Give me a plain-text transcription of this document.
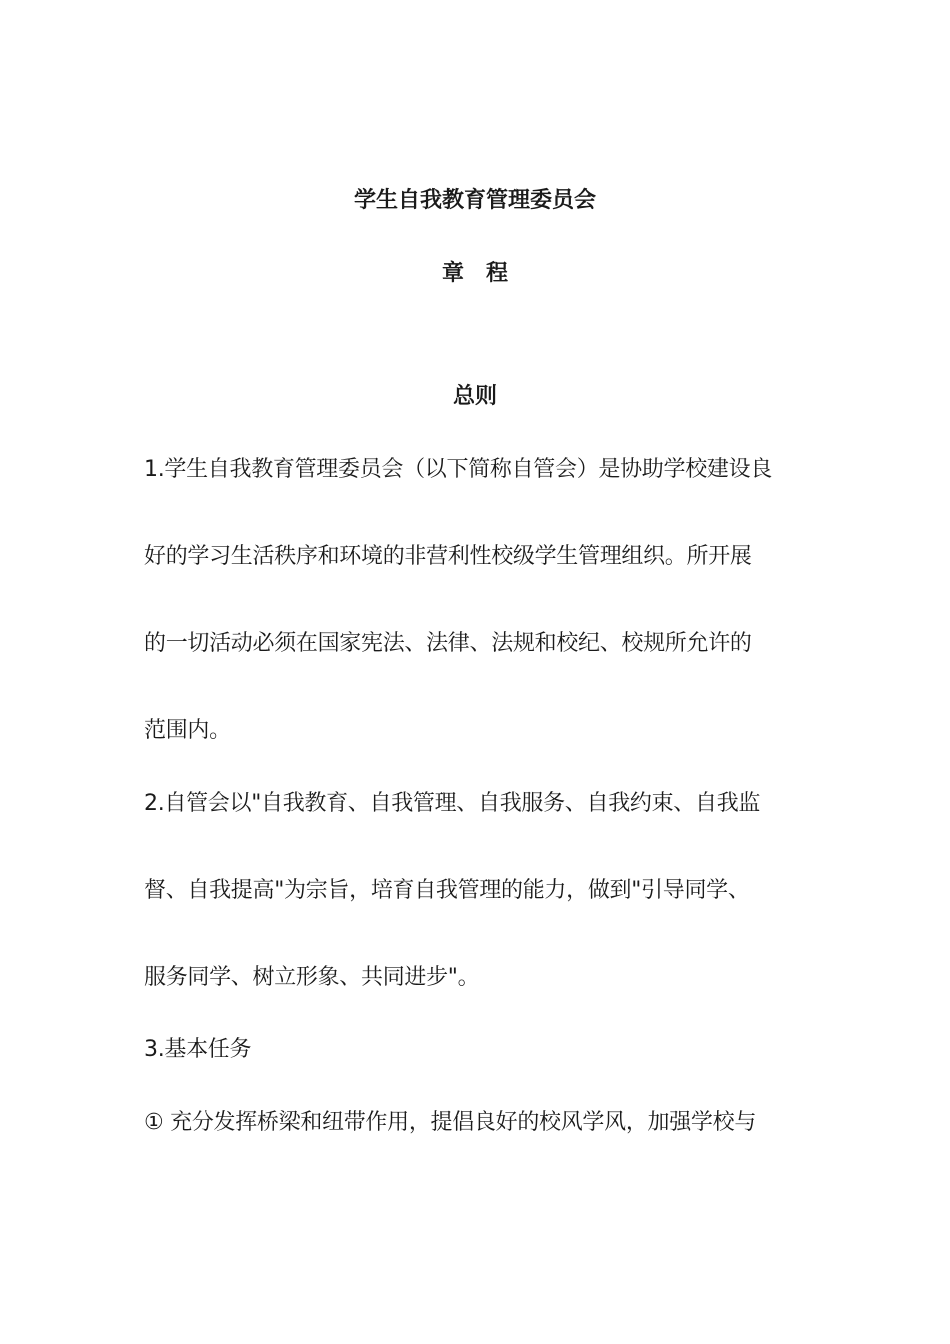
学生自我教育管理委员会
章程
总则
1.学生自我教育管理委员会（以下简称自管会）是协助学校建设良
好的学习生活秩序和环境的非营利性校级学生管理组织。所开展
的一切活动必须在国家宪法、法律、法规和校纪、校规所允许的
范围内。
2.自管会以"自我教育、自我管理、自我服务、自我约束、自我监
督、自我提高"为宗旨，培育自我管理的能力，做到"引导同学、
服务同学、树立形象、共同进步"。
3.基本任务
① 充分发挥桥梁和纽带作用，提倡良好的校风学风，加强学校与
